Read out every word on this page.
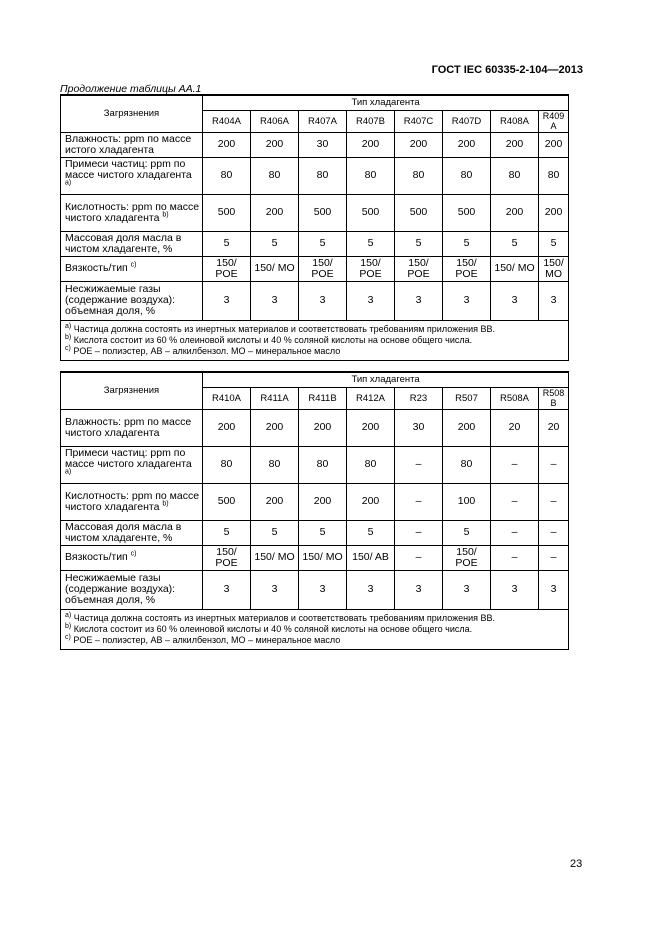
ГОСТ IEC 60335-2-104—2013
Продолжение таблицы АА.1
Загрязнения	Тип хладагента							
	R404A	R406A	R407A	R407B	R407C	R407D	R408A	R409 A
Влажность: ppm по массе истого хладагента	200	200	30	200	200	200	200	200
Примеси частиц: ppm по массе чистого хладагента $^{a)}$	80	80	80	80	80	80	80	80
Кислотность: ppm по массе чистого хладагента $^{b)}$	500	200	500	500	500	500	200	200
Массовая доля масла в чистом хладагенте, %	5	5	5	5	5	5	5	5
Вязкость/тип $^{c)}$	150/ POE	150/ MO	150/ POE	150/ POE	150/ POE	150/ POE	150/ MO	150/ MO
Несжижаемые газы (содержание воздуха): объемная доля, %	3	3	3	3	3	3	3	3

$^{a)}$ Частица должна состоять из инертных материалов и соответствовать требованиям приложения ВВ.
$^{b)}$ Кислота состоит из 60 % олеиновой кислоты и 40 % соляной кислоты на основе общего числа.
$^{c)}$ POE – полиэстер, AB – алкилбензол. MO – минеральное масло								
Загрязнения	Тип хладагента							
	R410A	R411A	R411B	R412A	R23	R507	R508A	R508 B
Влажность: ppm по массе чистого хладагента	200	200	200	200	30	200	20	20
Примеси частиц: ppm по массе чистого хладагента $^{a)}$	80	80	80	80	–	80	–	–
Кислотность: ppm по массе чистого хладагента $^{b)}$	500	200	200	200	–	100	–	–
Массовая доля масла в чистом хладагенте, %	5	5	5	5	–	5	–	–
Вязкость/тип $^{c)}$	150/ POE	150/ MO	150/ MO	150/ AB	–	150/ POE	–	–
Несжижаемые газы (содержание воздуха): объемная доля, %	3	3	3	3	3	3	3	3

$^{a)}$ Частица должна состоять из инертных материалов и соответствовать требованиям приложения ВВ.
$^{b)}$ Кислота состоит из 60 % олеиновой кислоты и 40 % соляной кислоты на основе общего числа.
$^{c)}$ POE – полиэстер, AB – алкилбензол, MO – минеральное масло								
23
